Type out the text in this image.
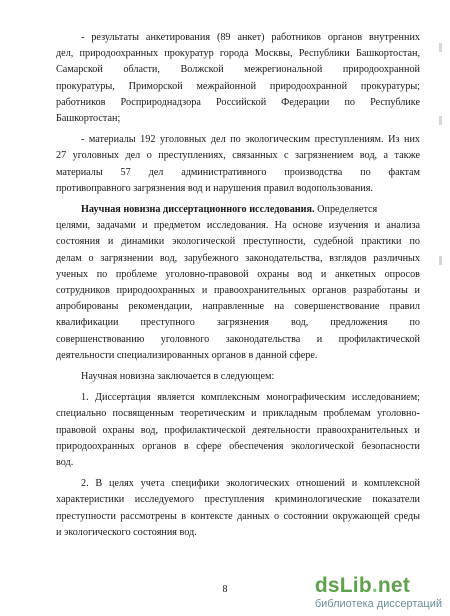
- результаты анкетирования (89 анкет) работников органов внутренних
дел, природоохранных прокуратур города Москвы, Республики Башкортостан,
Самарской области, Волжской межрегиональной природоохранной
прокуратуры, Приморской межрайонной природоохранной прокуратуры;
работников Росприроднадзора Российской Федерации по Республике
Башкортостан;
- материалы 192 уголовных дел по экологическим преступлениям. Из них
27 уголовных дел о преступлениях, связанных с загрязнением вод, а также
материалы 57 дел административного производства по фактам
противоправного загрязнения вод и нарушения правил водопользования.
Научная новизна диссертационного исследования. Определяется
целями, задачами и предметом исследования. На основе изучения и анализа
состояния и динамики экологической преступности, судебной практики по
делам о загрязнении вод, зарубежного законодательства, взглядов различных
ученых по проблеме уголовно-правовой охраны вод и анкетных опросов
сотрудников природоохранных и правоохранительных органов разработаны и
апробированы рекомендации, направленные на совершенствование правил
квалификации преступного загрязнения вод, предложения по
совершенствованию уголовного законодательства и профилактической
деятельности специализированных органов в данной сфере.
Научная новизна заключается в следующем:
1. Диссертация является комплексным монографическим исследованием;
специально посвященным теоретическим и прикладным проблемам уголовно-
правовой охраны вод, профилактической деятельности правоохранительных и
природоохранных органов в сфере обеспечения экологической безопасности
вод.
2. В целях учета специфики экологических отношений и комплексной
характеристики исследуемого преступления криминологические показатели
преступности рассмотрены в контексте данных о состоянии окружающей среды
и экологического состояния вод.
8	dsLib.net
библиотека диссертаций
